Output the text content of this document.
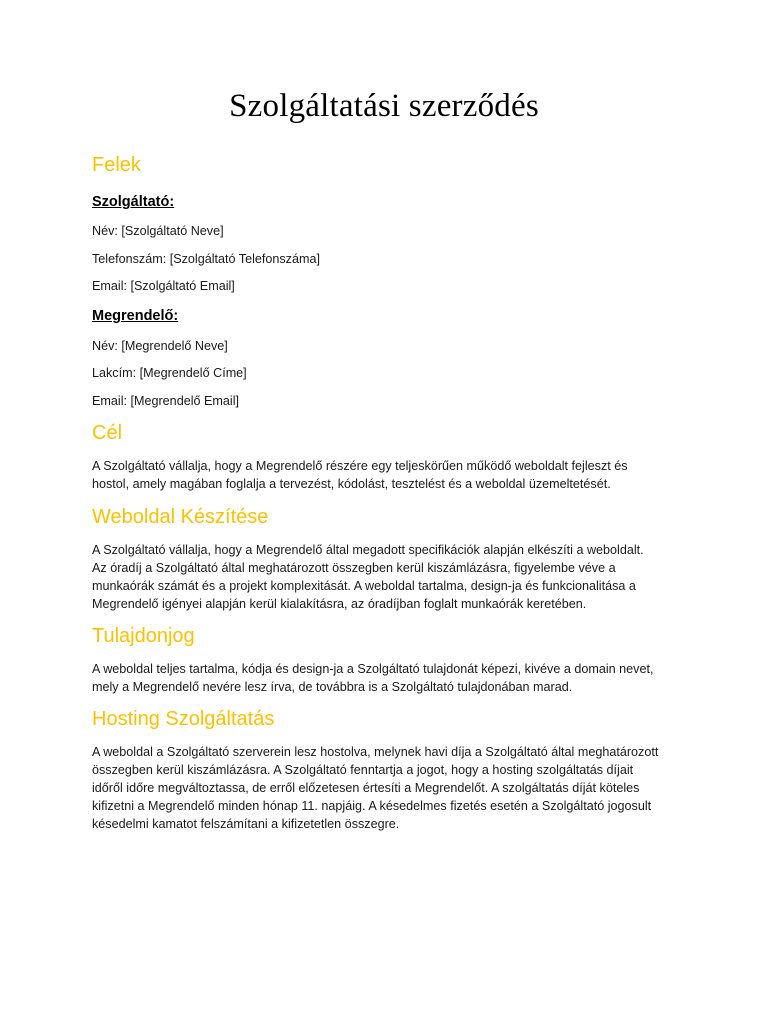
Szolgáltatási szerződés
Felek
Szolgáltató:
Név: [Szolgáltató Neve]
Telefonszám: [Szolgáltató Telefonszáma]
Email: [Szolgáltató Email]
Megrendelő:
Név: [Megrendelő Neve]
Lakcím: [Megrendelő Címe]
Email: [Megrendelő Email]
Cél
A Szolgáltató vállalja, hogy a Megrendelő részére egy teljeskörűen működő weboldalt fejleszt és
hostol, amely magában foglalja a tervezést, kódolást, tesztelést és a weboldal üzemeltetését.
Weboldal Készítése
A Szolgáltató vállalja, hogy a Megrendelő által megadott specifikációk alapján elkészíti a weboldalt.
Az óradíj a Szolgáltató által meghatározott összegben kerül kiszámlázásra, figyelembe véve a
munkaórák számát és a projekt komplexitását. A weboldal tartalma, design-ja és funkcionalitása a
Megrendelő igényei alapján kerül kialakításra, az óradíjban foglalt munkaórák keretében.
Tulajdonjog
A weboldal teljes tartalma, kódja és design-ja a Szolgáltató tulajdonát képezi, kivéve a domain nevet,
mely a Megrendelő nevére lesz írva, de továbbra is a Szolgáltató tulajdonában marad.
Hosting Szolgáltatás
A weboldal a Szolgáltató szerverein lesz hostolva, melynek havi díja a Szolgáltató által meghatározott
összegben kerül kiszámlázásra. A Szolgáltató fenntartja a jogot, hogy a hosting szolgáltatás díjait
időről időre megváltoztassa, de erről előzetesen értesíti a Megrendelőt. A szolgáltatás díját köteles
kifizetni a Megrendelő minden hónap 11. napjáig. A késedelmes fizetés esetén a Szolgáltató jogosult
késedelmi kamatot felszámítani a kifizetetlen összegre.
